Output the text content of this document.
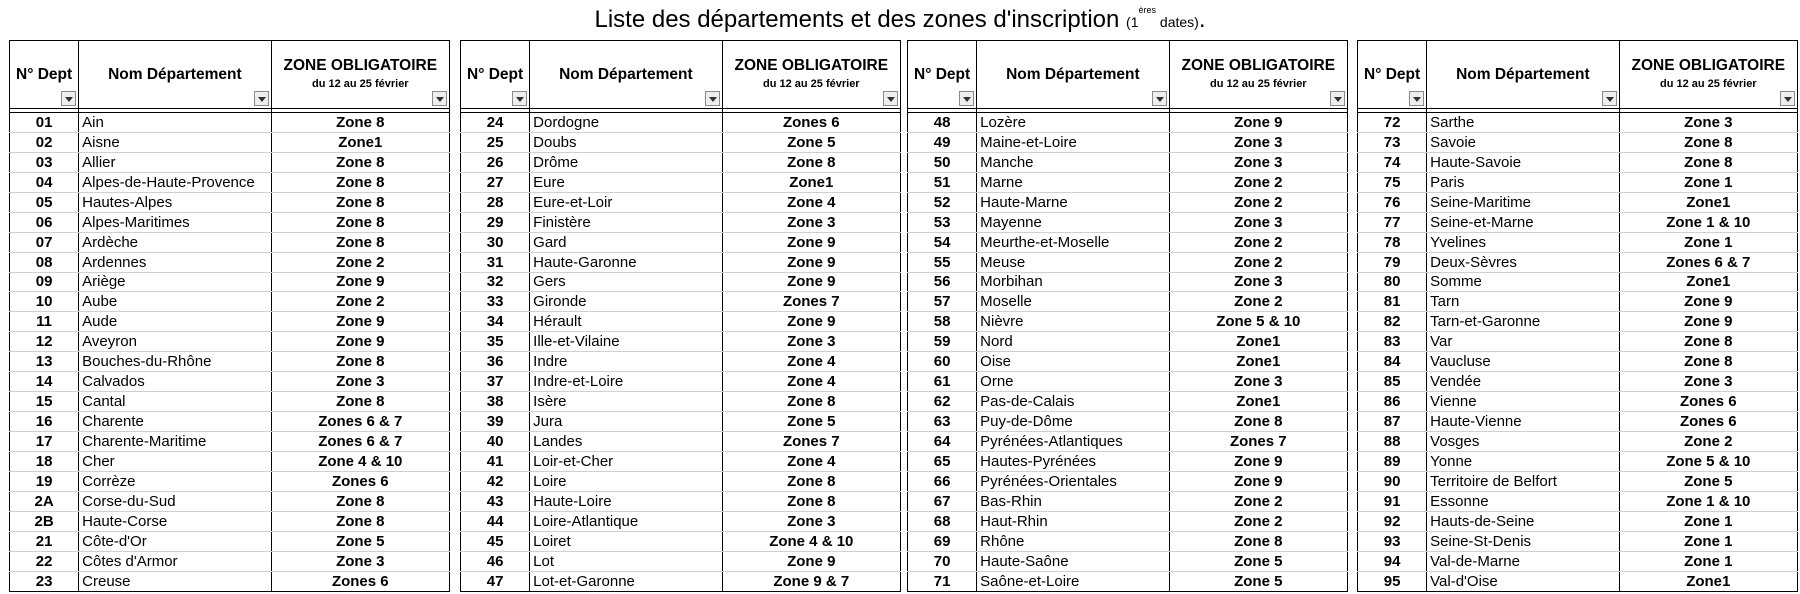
Liste des départements et des zones d'inscription (1ères dates).
N° Dept	Nom Département	ZONE OBLIGATOIRE
du 12 au 25 février

01	Ain	Zone 8
02	Aisne	Zone1
03	Allier	Zone 8
04	Alpes-de-Haute-Provence	Zone 8
05	Hautes-Alpes	Zone 8
06	Alpes-Maritimes	Zone 8
07	Ardèche	Zone 8
08	Ardennes	Zone 2
09	Ariège	Zone 9
10	Aube	Zone 2
11	Aude	Zone 9
12	Aveyron	Zone 9
13	Bouches-du-Rhône	Zone 8
14	Calvados	Zone 3
15	Cantal	Zone 8
16	Charente	Zones 6 & 7
17	Charente-Maritime	Zones 6 & 7
18	Cher	Zone 4 & 10
19	Corrèze	Zones 6
2A	Corse-du-Sud	Zone 8
2B	Haute-Corse	Zone 8
21	Côte-d'Or	Zone 5
22	Côtes d'Armor	Zone 3
23	Creuse	Zones 6
N° Dept	Nom Département	ZONE OBLIGATOIRE
du 12 au 25 février

24	Dordogne	Zones 6
25	Doubs	Zone 5
26	Drôme	Zone 8
27	Eure	Zone1
28	Eure-et-Loir	Zone 4
29	Finistère	Zone 3
30	Gard	Zone 9
31	Haute-Garonne	Zone 9
32	Gers	Zone 9
33	Gironde	Zones 7
34	Hérault	Zone 9
35	Ille-et-Vilaine	Zone 3
36	Indre	Zone 4
37	Indre-et-Loire	Zone 4
38	Isère	Zone 8
39	Jura	Zone 5
40	Landes	Zones 7
41	Loir-et-Cher	Zone 4
42	Loire	Zone 8
43	Haute-Loire	Zone 8
44	Loire-Atlantique	Zone 3
45	Loiret	Zone 4 & 10
46	Lot	Zone 9
47	Lot-et-Garonne	Zone 9 & 7
N° Dept	Nom Département	ZONE OBLIGATOIRE
du 12 au 25 février

48	Lozère	Zone 9
49	Maine-et-Loire	Zone 3
50	Manche	Zone 3
51	Marne	Zone 2
52	Haute-Marne	Zone 2
53	Mayenne	Zone 3
54	Meurthe-et-Moselle	Zone 2
55	Meuse	Zone 2
56	Morbihan	Zone 3
57	Moselle	Zone 2
58	Nièvre	Zone 5 & 10
59	Nord	Zone1
60	Oise	Zone1
61	Orne	Zone 3
62	Pas-de-Calais	Zone1
63	Puy-de-Dôme	Zone 8
64	Pyrénées-Atlantiques	Zones 7
65	Hautes-Pyrénées	Zone 9
66	Pyrénées-Orientales	Zone 9
67	Bas-Rhin	Zone 2
68	Haut-Rhin	Zone 2
69	Rhône	Zone 8
70	Haute-Saône	Zone 5
71	Saône-et-Loire	Zone 5
N° Dept	Nom Département	ZONE OBLIGATOIRE
du 12 au 25 février

72	Sarthe	Zone 3
73	Savoie	Zone 8
74	Haute-Savoie	Zone 8
75	Paris	Zone 1
76	Seine-Maritime	Zone1
77	Seine-et-Marne	Zone 1 & 10
78	Yvelines	Zone 1
79	Deux-Sèvres	Zones 6 & 7
80	Somme	Zone1
81	Tarn	Zone 9
82	Tarn-et-Garonne	Zone 9
83	Var	Zone 8
84	Vaucluse	Zone 8
85	Vendée	Zone 3
86	Vienne	Zones 6
87	Haute-Vienne	Zones 6
88	Vosges	Zone 2
89	Yonne	Zone 5 & 10
90	Territoire de Belfort	Zone 5
91	Essonne	Zone 1 & 10
92	Hauts-de-Seine	Zone 1
93	Seine-St-Denis	Zone 1
94	Val-de-Marne	Zone 1
95	Val-d'Oise	Zone1
